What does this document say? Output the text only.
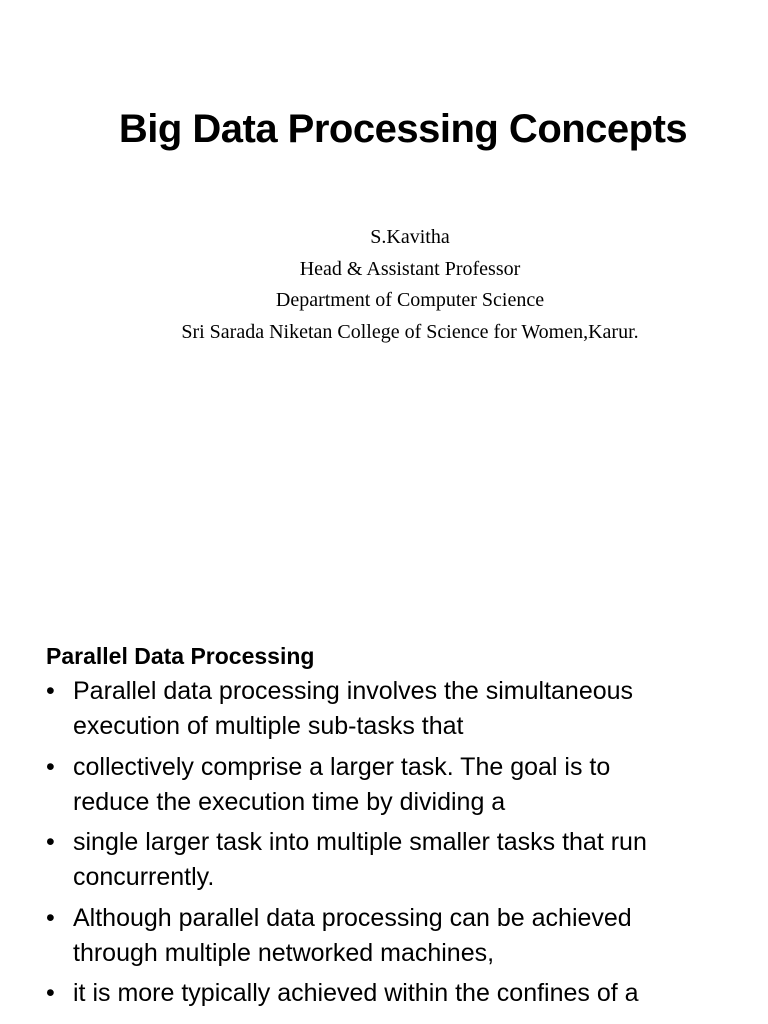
Big Data Processing Concepts
S.Kavitha
Head & Assistant Professor
Department of Computer Science
Sri Sarada Niketan College of Science for Women,Karur.
Parallel Data Processing
• Parallel data processing involves the simultaneous
execution of multiple sub-tasks that
• collectively comprise a larger task. The goal is to
reduce the execution time by dividing a
• single larger task into multiple smaller tasks that run
concurrently.
• Although parallel data processing can be achieved
through multiple networked machines,
• it is more typically achieved within the confines of a
